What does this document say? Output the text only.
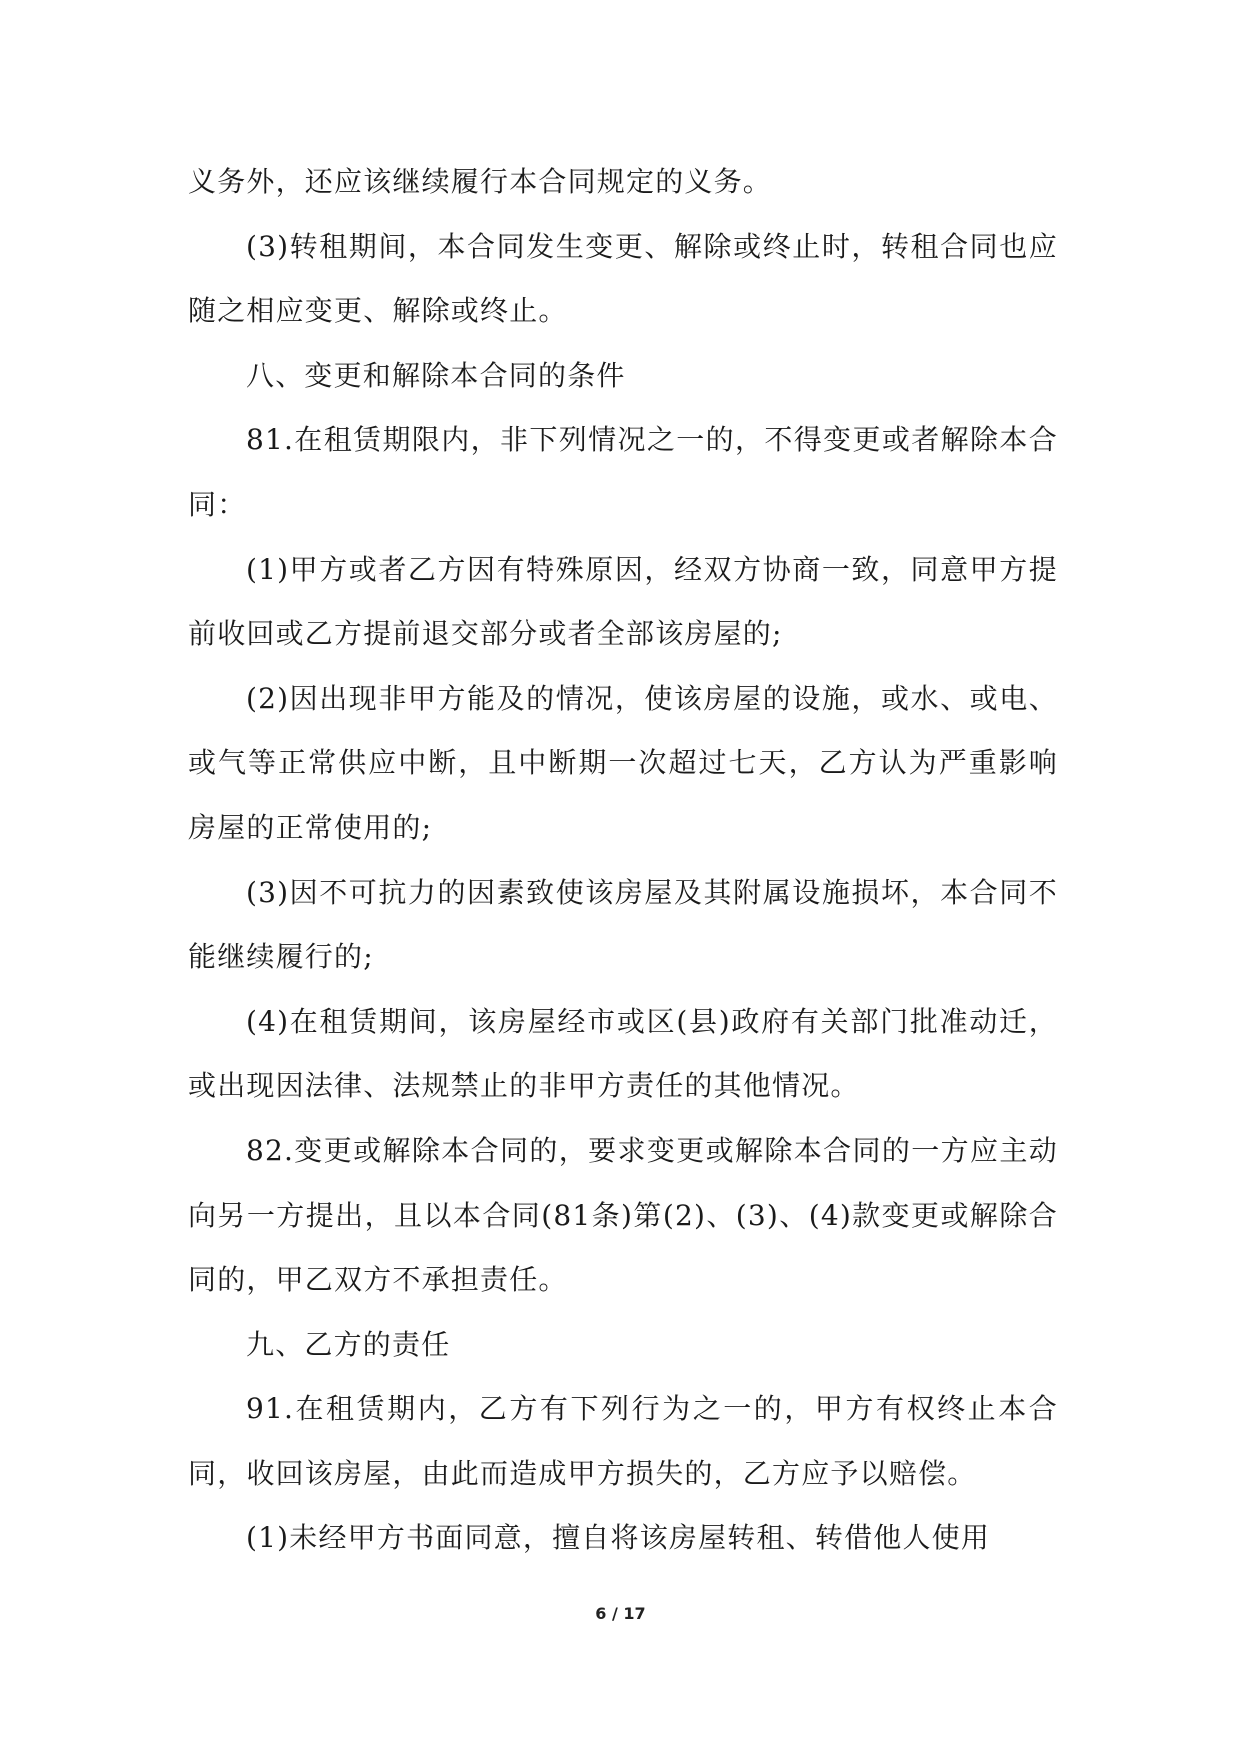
义务外，还应该继续履行本合同规定的义务。

(3)转租期间，本合同发生变更、解除或终止时，转租合同也应随之相应变更、解除或终止。

八、变更和解除本合同的条件

81.在租赁期限内，非下列情况之一的，不得变更或者解除本合同：

(1)甲方或者乙方因有特殊原因，经双方协商一致，同意甲方提前收回或乙方提前退交部分或者全部该房屋的;

(2)因出现非甲方能及的情况，使该房屋的设施，或水、或电、或气等正常供应中断，且中断期一次超过七天，乙方认为严重影响房屋的正常使用的;

(3)因不可抗力的因素致使该房屋及其附属设施损坏，本合同不能继续履行的;

(4)在租赁期间，该房屋经市或区(县)政府有关部门批准动迁，或出现因法律、法规禁止的非甲方责任的其他情况。

82.变更或解除本合同的，要求变更或解除本合同的一方应主动向另一方提出，且以本合同(81条)第(2)、(3)、(4)款变更或解除合同的，甲乙双方不承担责任。

九、乙方的责任

91.在租赁期内，乙方有下列行为之一的，甲方有权终止本合同，收回该房屋，由此而造成甲方损失的，乙方应予以赔偿。

(1)未经甲方书面同意，擅自将该房屋转租、转借他人使用

6 / 17
